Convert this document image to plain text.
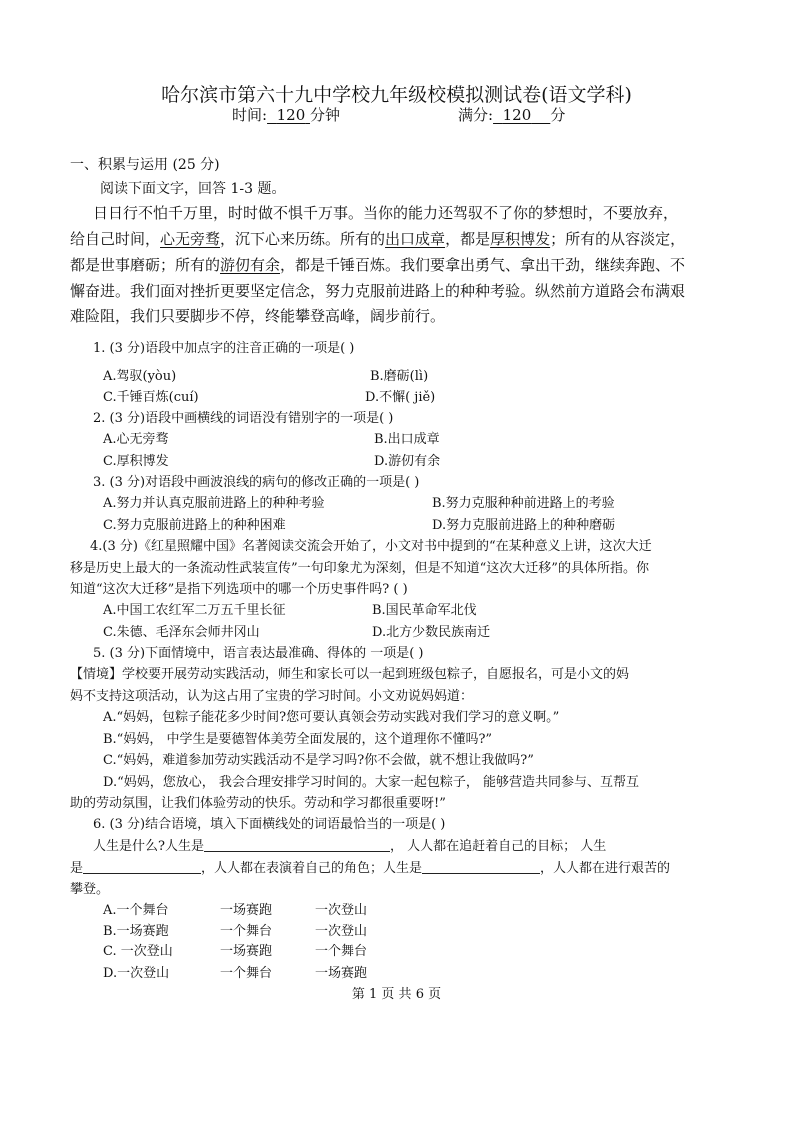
哈尔滨市第六十九中学校九年级校模拟测试卷(语文学科)
时间: 120 分钟	满分: 120 分
一、积累与运用 (25 分)
阅读下面文字，回答 1-3 题。
日日行不怕千万里，时时做不惧千万事。当你的能力还驾驭不了你的梦想时，不要放弃，
给自己时间，心无旁骛，沉下心来历练。所有的出口成章，都是厚积博发；所有的从容淡定，
都是世事磨砺；所有的游仞有余，都是千锤百炼。我们要拿出勇气、拿出干劲，继续奔跑、不
懈奋进。我们面对挫折更要坚定信念，努力克服前进路上的种种考验。纵然前方道路会布满艰
难险阻，我们只要脚步不停，终能攀登高峰，阔步前行。
1. (3 分)语段中加点字的注音正确的一项是( )
A.驾驭(yòu)	B.磨砺(lì)
C.千锤百炼(cuí)	D.不懈( jiě)
2. (3 分)语段中画横线的词语没有错别字的一项是( )
A.心无旁骛	B.出口成章
C.厚积博发	D.游仞有余
3. (3 分)对语段中画波浪线的病句的修改正确的一项是( )
A.努力并认真克服前进路上的种种考验	B.努力克服种种前进路上的考验
C.努力克服前进路上的种种困难	D.努力克服前进路上的种种磨砺
4.(3 分)《红星照耀中国》名著阅读交流会开始了，小文对书中提到的“在某种意义上讲，这次大迁
移是历史上最大的一条流动性武装宣传”一句印象尤为深刻，但是不知道“这次大迁移”的具体所指。你
知道“这次大迁移”是指下列选项中的哪一个历史事件吗? ( )
A.中国工农红军二万五千里长征	B.国民革命军北伐
C.朱德、毛泽东会师井冈山	D.北方少数民族南迁
5. (3 分)下面情境中，语言表达最准确、得体的 一项是( )
【情境】学校要开展劳动实践活动，师生和家长可以一起到班级包粽子，自愿报名，可是小文的妈
妈不支持这项活动，认为这占用了宝贵的学习时间。小文劝说妈妈道：
A.“妈妈，包粽子能花多少时间?您可要认真领会劳动实践对我们学习的意义啊。”
B.“妈妈， 中学生是要德智体美劳全面发展的，这个道理你不懂吗?”
C.“妈妈，难道参加劳动实践活动不是学习吗?你不会做，就不想让我做吗?”
D.“妈妈，您放心， 我会合理安排学习时间的。大家一起包粽子， 能够营造共同参与、互帮互
助的劳动氛围，让我们体验劳动的快乐。劳动和学习都很重要呀!”
6. (3 分)结合语境，填入下面横线处的词语最恰当的一项是( )
人生是什么?人生是	， 人人都在追赶着自己的目标； 人生
是	，人人都在表演着自己的角色；人生是	，人人都在进行艰苦的
攀登。
A.一个舞台	一场赛跑	一次登山
B.一场赛跑	一个舞台	一次登山
C. 一次登山	一场赛跑	一个舞台
D.一次登山	一个舞台	一场赛跑
第 1 页 共 6 页
